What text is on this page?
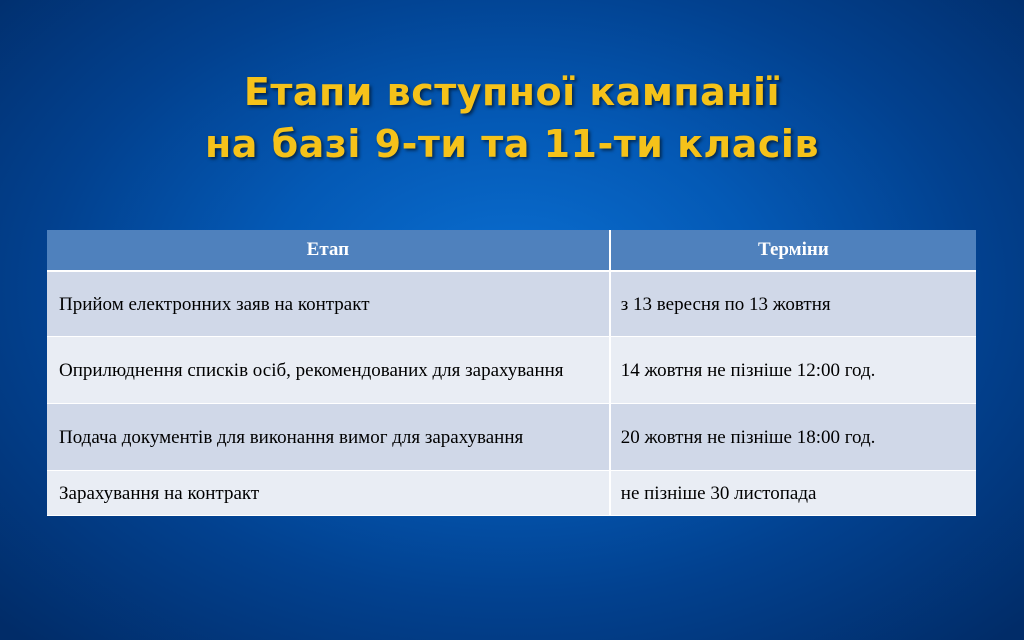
Етапи вступної кампанії
на базі 9-ти та 11-ти класів
Етап	Терміни
Прийом електронних заяв на контракт	з 13 вересня по 13 жовтня
Оприлюднення списків осіб, рекомендованих для зарахування	14 жовтня не пізніше 12:00 год.
Подача документів для виконання вимог для зарахування	20 жовтня не пізніше 18:00 год.
Зарахування на контракт	не пізніше 30 листопада
